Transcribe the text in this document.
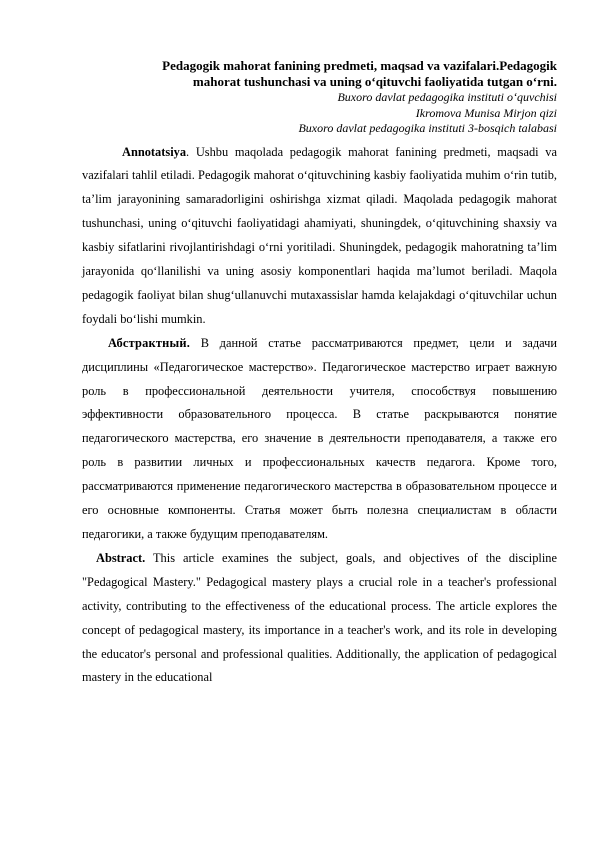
Pedagogik mahorat fanining predmeti, maqsad va vazifalari.Pedagogik
mahorat tushunchasi va uning o‘qituvchi faoliyatida tutgan o‘rni.
Buxoro davlat pedagogika instituti o‘quvchisi
Ikromova Munisa Mirjon qizi
Buxoro davlat pedagogika instituti 3-bosqich talabasi

Annotatsiya. Ushbu maqolada pedagogik mahorat fanining predmeti, maqsadi va vazifalari tahlil etiladi. Pedagogik mahorat o‘qituvchining kasbiy faoliyatida muhim o‘rin tutib, ta’lim jarayonining samaradorligini oshirishga xizmat qiladi. Maqolada pedagogik mahorat tushunchasi, uning o‘qituvchi faoliyatidagi ahamiyati, shuningdek, o‘qituvchining shaxsiy va kasbiy sifatlarini rivojlantirishdagi o‘rni yoritiladi. Shuningdek, pedagogik mahoratning ta’lim jarayonida qo‘llanilishi va uning asosiy komponentlari haqida ma’lumot beriladi. Maqola pedagogik faoliyat bilan shug‘ullanuvchi mutaxassislar hamda kelajakdagi o‘qituvchilar uchun foydali bo‘lishi mumkin.

Абстрактный. В данной статье рассматриваются предмет, цели и задачи дисциплины «Педагогическое мастерство». Педагогическое мастерство играет важную роль в профессиональной деятельности учителя, способствуя повышению эффективности образовательного процесса. В статье раскрываются понятие педагогического мастерства, его значение в деятельности преподавателя, а также его роль в развитии личных и профессиональных качеств педагога. Кроме того, рассматриваются применение педагогического мастерства в образовательном процессе и его основные компоненты. Статья может быть полезна специалистам в области педагогики, а также будущим преподавателям.

Abstract. This article examines the subject, goals, and objectives of the discipline "Pedagogical Mastery." Pedagogical mastery plays a crucial role in a teacher's professional activity, contributing to the effectiveness of the educational process. The article explores the concept of pedagogical mastery, its importance in a teacher's work, and its role in developing the educator's personal and professional qualities. Additionally, the application of pedagogical mastery in the educational
